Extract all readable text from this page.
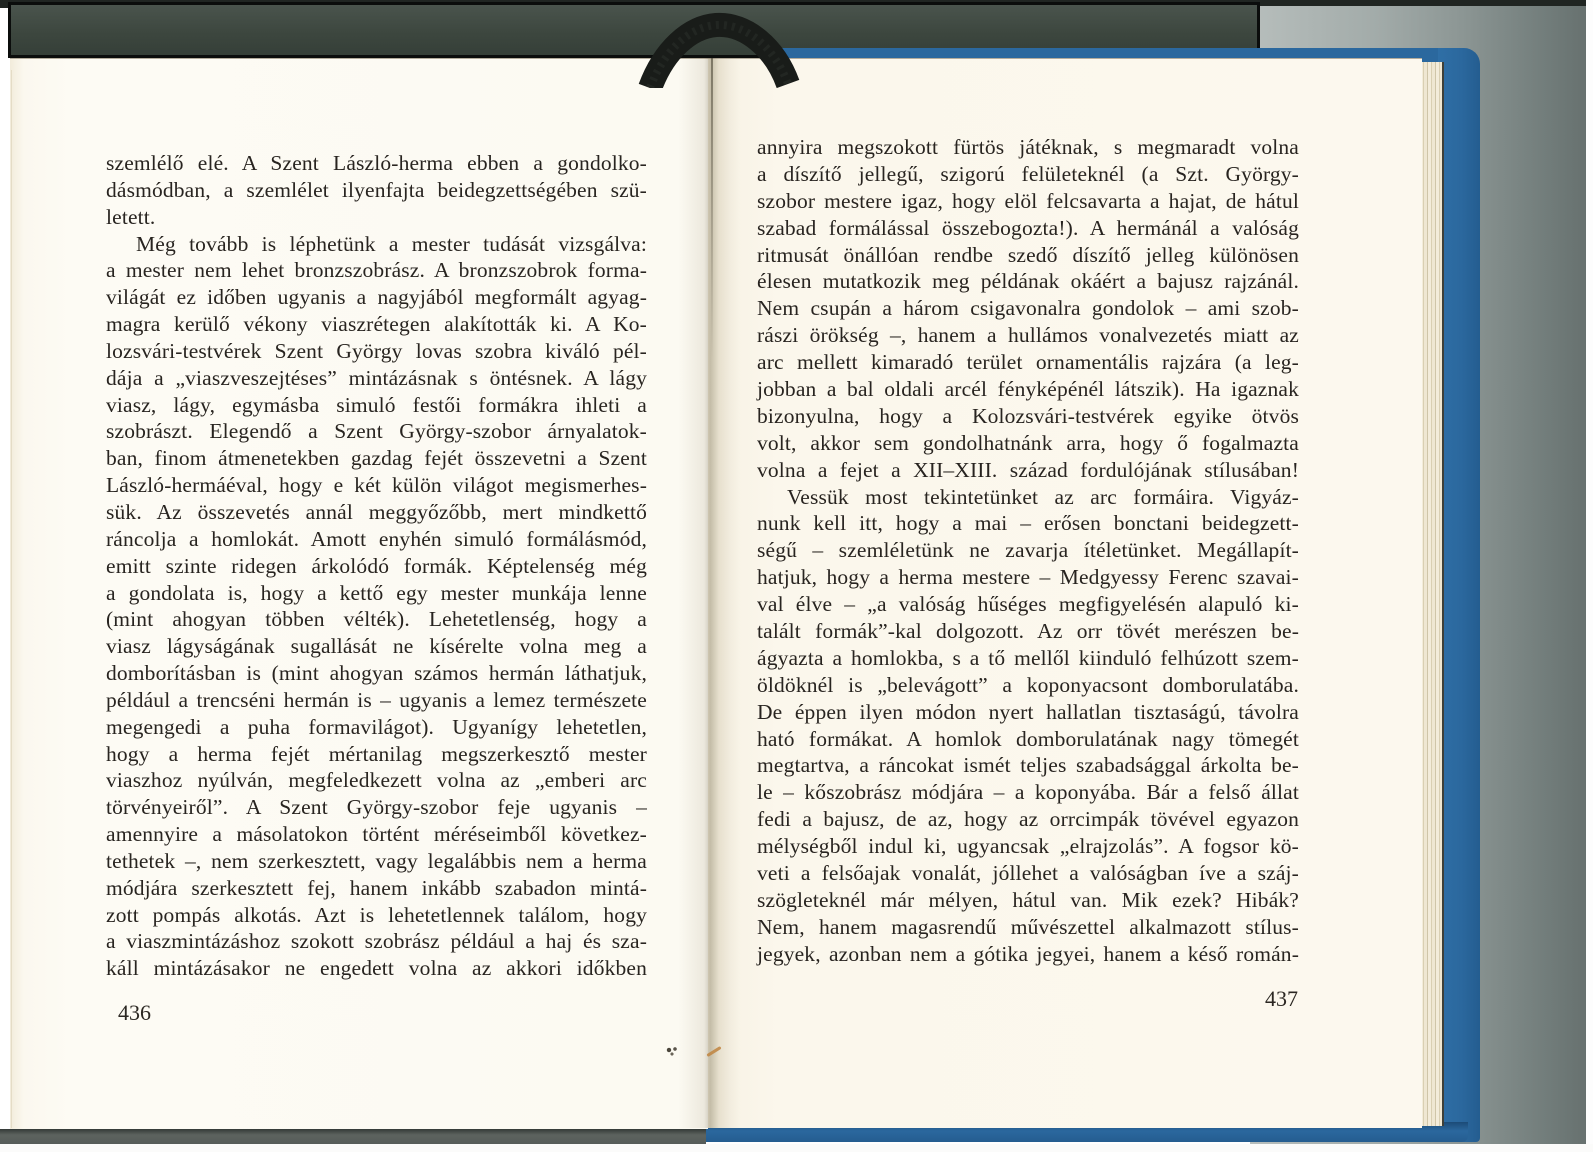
szemlélő elé. A Szent László-herma ebben a gondolko-
dásmódban, a szemlélet ilyenfajta beidegzettségében szü-
letett.
Még tovább is léphetünk a mester tudását vizsgálva:
a mester nem lehet bronzszobrász. A bronzszobrok forma-
világát ez időben ugyanis a nagyjából megformált agyag-
magra kerülő vékony viaszrétegen alakították ki. A Ko-
lozsvári-testvérek Szent György lovas szobra kiváló pél-
dája a „viaszveszejtéses” mintázásnak s öntésnek. A lágy
viasz, lágy, egymásba simuló festői formákra ihleti a
szobrászt. Elegendő a Szent György-szobor árnyalatok-
ban, finom átmenetekben gazdag fejét összevetni a Szent
László-hermáéval, hogy e két külön világot megismerhes-
sük. Az összevetés annál meggyőzőbb, mert mindkettő
ráncolja a homlokát. Amott enyhén simuló formálásmód,
emitt szinte ridegen árkolódó formák. Képtelenség még
a gondolata is, hogy a kettő egy mester munkája lenne
(mint ahogyan többen vélték). Lehetetlenség, hogy a
viasz lágyságának sugallását ne kísérelte volna meg a
domborításban is (mint ahogyan számos hermán láthatjuk,
például a trencséni hermán is – ugyanis a lemez természete
megengedi a puha formavilágot). Ugyanígy lehetetlen,
hogy a herma fejét mértanilag megszerkesztő mester
viaszhoz nyúlván, megfeledkezett volna az „emberi arc
törvényeiről”. A Szent György-szobor feje ugyanis –
amennyire a másolatokon történt méréseimből következ-
tethetek –, nem szerkesztett, vagy legalábbis nem a herma
módjára szerkesztett fej, hanem inkább szabadon mintá-
zott pompás alkotás. Azt is lehetetlennek találom, hogy
a viaszmintázáshoz szokott szobrász például a haj és sza-
káll mintázásakor ne engedett volna az akkori időkben
436
annyira megszokott fürtös játéknak, s megmaradt volna
a díszítő jellegű, szigorú felületeknél (a Szt. György-
szobor mestere igaz, hogy elöl felcsavarta a hajat, de hátul
szabad formálással összebogozta!). A hermánál a valóság
ritmusát önállóan rendbe szedő díszítő jelleg különösen
élesen mutatkozik meg példának okáért a bajusz rajzánál.
Nem csupán a három csigavonalra gondolok – ami szob-
rászi örökség –, hanem a hullámos vonalvezetés miatt az
arc mellett kimaradó terület ornamentális rajzára (a leg-
jobban a bal oldali arcél fényképénél látszik). Ha igaznak
bizonyulna, hogy a Kolozsvári-testvérek egyike ötvös
volt, akkor sem gondolhatnánk arra, hogy ő fogalmazta
volna a fejet a XII–XIII. század fordulójának stílusában!
Vessük most tekintetünket az arc formáira. Vigyáz-
nunk kell itt, hogy a mai – erősen bonctani beidegzett-
ségű – szemléletünk ne zavarja ítéletünket. Megállapít-
hatjuk, hogy a herma mestere – Medgyessy Ferenc szavai-
val élve – „a valóság hűséges megfigyelésén alapuló ki-
talált formák”-kal dolgozott. Az orr tövét merészen be-
ágyazta a homlokba, s a tő mellől kiinduló felhúzott szem-
öldöknél is „belevágott” a koponyacsont domborulatába.
De éppen ilyen módon nyert hallatlan tisztaságú, távolra
ható formákat. A homlok domborulatának nagy tömegét
megtartva, a ráncokat ismét teljes szabadsággal árkolta be-
le – kőszobrász módjára – a koponyába. Bár a felső állat
fedi a bajusz, de az, hogy az orrcimpák tövével egyazon
mélységből indul ki, ugyancsak „elrajzolás”. A fogsor kö-
veti a felsőajak vonalát, jóllehet a valóságban íve a száj-
szögleteknél már mélyen, hátul van. Mik ezek? Hibák?
Nem, hanem magasrendű művészettel alkalmazott stílus-
jegyek, azonban nem a gótika jegyei, hanem a késő román-
437
